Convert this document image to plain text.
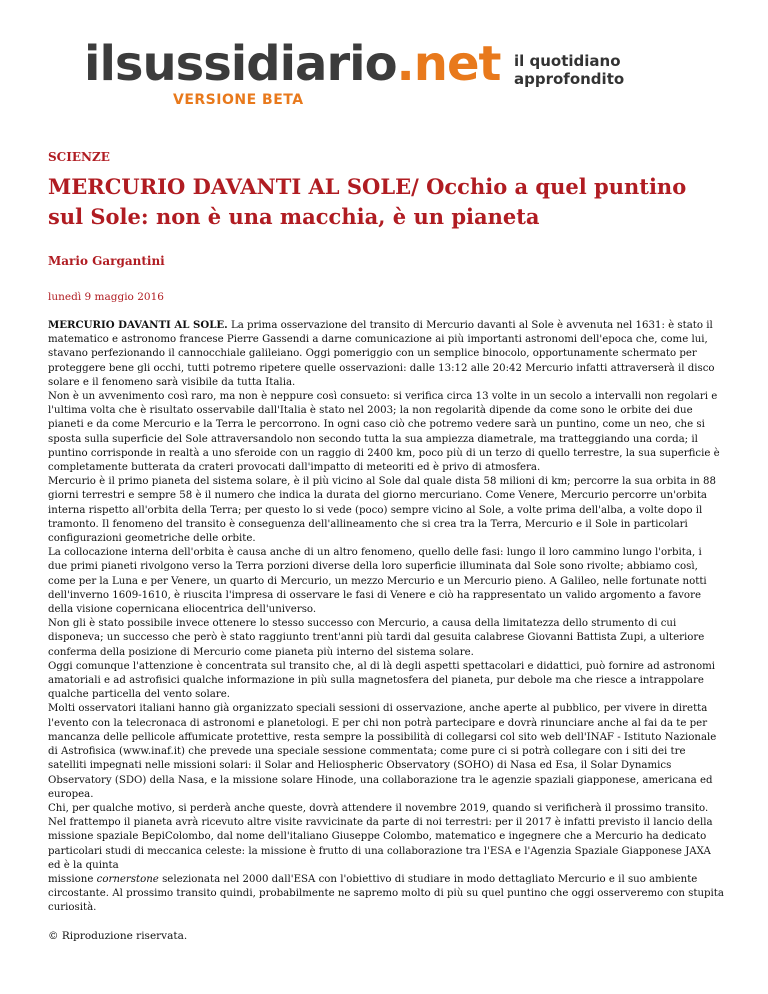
ilsussidiario.net
VERSIONE BETA
il quotidiano
approfondito
SCIENZE
MERCURIO DAVANTI AL SOLE/ Occhio a quel puntino sul Sole: non è una macchia, è un pianeta
Mario Gargantini
lunedì 9 maggio 2016

MERCURIO DAVANTI AL SOLE. La prima osservazione del transito di Mercurio davanti al Sole è avvenuta nel 1631: è stato il matematico e astronomo francese Pierre Gassendi a darne comunicazione ai più importanti astronomi dell'epoca che, come lui, stavano perfezionando il cannocchiale galileiano. Oggi pomeriggio con un semplice binocolo, opportunamente schermato per proteggere bene gli occhi, tutti potremo ripetere quelle osservazioni: dalle 13:12 alle 20:42 Mercurio infatti attraverserà il disco solare e il fenomeno sarà visibile da tutta Italia.

Non è un avvenimento così raro, ma non è neppure così consueto: si verifica circa 13 volte in un secolo a intervalli non regolari e l'ultima volta che è risultato osservabile dall'Italia è stato nel 2003; la non regolarità dipende da come sono le orbite dei due pianeti e da come Mercurio e la Terra le percorrono. In ogni caso ciò che potremo vedere sarà un puntino, come un neo, che si sposta sulla superficie del Sole attraversandolo non secondo tutta la sua ampiezza diametrale, ma tratteggiando una corda; il puntino corrisponde in realtà a uno sferoide con un raggio di 2400 km, poco più di un terzo di quello terrestre, la sua superficie è completamente butterata da crateri provocati dall'impatto di meteoriti ed è privo di atmosfera.

Mercurio è il primo pianeta del sistema solare, è il più vicino al Sole dal quale dista 58 milioni di km; percorre la sua orbita in 88 giorni terrestri e sempre 58 è il numero che indica la durata del giorno mercuriano. Come Venere, Mercurio percorre un'orbita interna rispetto all'orbita della Terra; per questo lo si vede (poco) sempre vicino al Sole, a volte prima dell'alba, a volte dopo il tramonto. Il fenomeno del transito è conseguenza dell'allineamento che si crea tra la Terra, Mercurio e il Sole in particolari configurazioni geometriche delle orbite.

La collocazione interna dell'orbita è causa anche di un altro fenomeno, quello delle fasi: lungo il loro cammino lungo l'orbita, i due primi pianeti rivolgono verso la Terra porzioni diverse della loro superficie illuminata dal Sole sono rivolte; abbiamo così, come per la Luna e per Venere, un quarto di Mercurio, un mezzo Mercurio e un Mercurio pieno. A Galileo, nelle fortunate notti dell'inverno 1609-1610, è riuscita l'impresa di osservare le fasi di Venere e ciò ha rappresentato un valido argomento a favore della visione copernicana eliocentrica dell'universo.

Non gli è stato possibile invece ottenere lo stesso successo con Mercurio, a causa della limitatezza dello strumento di cui disponeva; un successo che però è stato raggiunto trent'anni più tardi dal gesuita calabrese Giovanni Battista Zupi, a ulteriore conferma della posizione di Mercurio come pianeta più interno del sistema solare.

Oggi comunque l'attenzione è concentrata sul transito che, al di là degli aspetti spettacolari e didattici, può fornire ad astronomi amatoriali e ad astrofisici qualche informazione in più sulla magnetosfera del pianeta, pur debole ma che riesce a intrappolare qualche particella del vento solare.

Molti osservatori italiani hanno già organizzato speciali sessioni di osservazione, anche aperte al pubblico, per vivere in diretta l'evento con la telecronaca di astronomi e planetologi. E per chi non potrà partecipare e dovrà rinunciare anche al fai da te per mancanza delle pellicole affumicate protettive, resta sempre la possibilità di collegarsi col sito web dell'INAF - Istituto Nazionale di Astrofisica (www.inaf.it) che prevede una speciale sessione commentata; come pure ci si potrà collegare con i siti dei tre satelliti impegnati nelle missioni solari: il Solar and Heliospheric Observatory (SOHO) di Nasa ed Esa, il Solar Dynamics Observatory (SDO) della Nasa, e la missione solare Hinode, una collaborazione tra le agenzie spaziali giapponese, americana ed europea.

Chi, per qualche motivo, si perderà anche queste, dovrà attendere il novembre 2019, quando si verificherà il prossimo transito. Nel frattempo il pianeta avrà ricevuto altre visite ravvicinate da parte di noi terrestri: per il 2017 è infatti previsto il lancio della missione spaziale BepiColombo, dal nome dell'italiano Giuseppe Colombo, matematico e ingegnere che a Mercurio ha dedicato particolari studi di meccanica celeste: la missione è frutto di una collaborazione tra l'ESA e l'Agenzia Spaziale Giapponese JAXA ed è la quinta

missione cornerstone selezionata nel 2000 dall'ESA con l'obiettivo di studiare in modo dettagliato Mercurio e il suo ambiente circostante. Al prossimo transito quindi, probabilmente ne sapremo molto di più su quel puntino che oggi osserveremo con stupita curiosità.

© Riproduzione riservata.
